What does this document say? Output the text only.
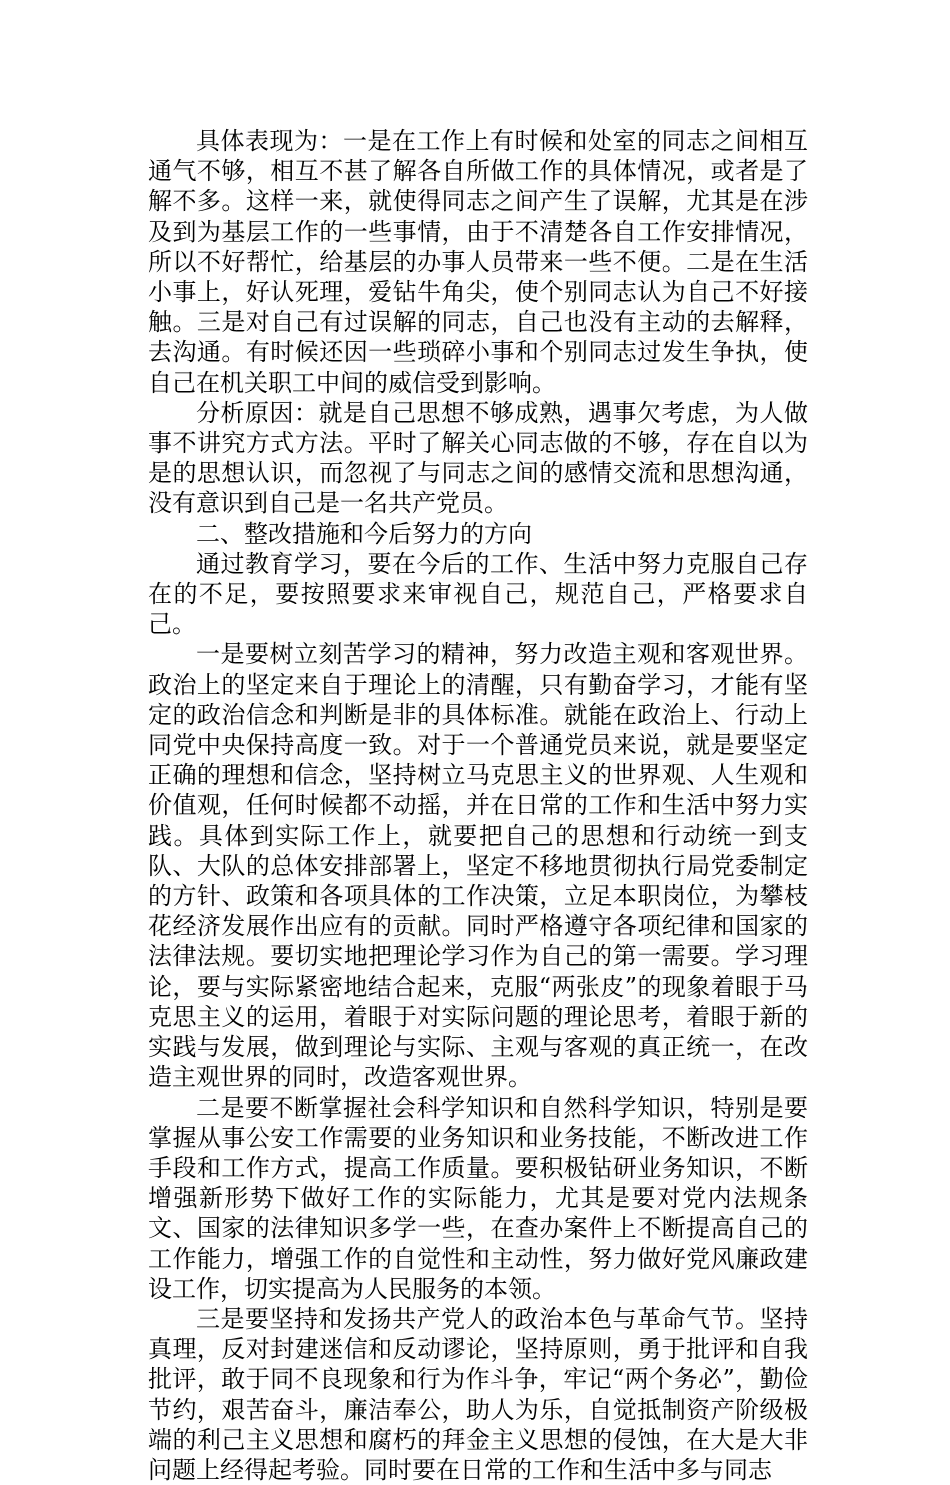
具体表现为：一是在工作上有时候和处室的同志之间相互通气不够，相互不甚了解各自所做工作的具体情况，或者是了解不多。这样一来，就使得同志之间产生了误解，尤其是在涉及到为基层工作的一些事情，由于不清楚各自工作安排情况，所以不好帮忙，给基层的办事人员带来一些不便。二是在生活小事上，好认死理，爱钻牛角尖，使个别同志认为自己不好接触。三是对自己有过误解的同志，自己也没有主动的去解释，去沟通。有时候还因一些琐碎小事和个别同志过发生争执，使自己在机关职工中间的威信受到影响。

分析原因：就是自己思想不够成熟，遇事欠考虑，为人做事不讲究方式方法。平时了解关心同志做的不够，存在自以为是的思想认识，而忽视了与同志之间的感情交流和思想沟通，没有意识到自己是一名共产党员。

二、整改措施和今后努力的方向

通过教育学习，要在今后的工作、生活中努力克服自己存在的不足，要按照要求来审视自己，规范自己，严格要求自己。

一是要树立刻苦学习的精神，努力改造主观和客观世界。政治上的坚定来自于理论上的清醒，只有勤奋学习，才能有坚定的政治信念和判断是非的具体标准。就能在政治上、行动上同党中央保持高度一致。对于一个普通党员来说，就是要坚定正确的理想和信念，坚持树立马克思主义的世界观、人生观和价值观，任何时候都不动摇，并在日常的工作和生活中努力实践。具体到实际工作上，就要把自己的思想和行动统一到支队、大队的总体安排部署上，坚定不移地贯彻执行局党委制定的方针、政策和各项具体的工作决策，立足本职岗位，为攀枝花经济发展作出应有的贡献。同时严格遵守各项纪律和国家的法律法规。要切实地把理论学习作为自己的第一需要。学习理论，要与实际紧密地结合起来，克服“两张皮”的现象着眼于马克思主义的运用，着眼于对实际问题的理论思考，着眼于新的实践与发展，做到理论与实际、主观与客观的真正统一，在改造主观世界的同时，改造客观世界。

二是要不断掌握社会科学知识和自然科学知识，特别是要掌握从事公安工作需要的业务知识和业务技能，不断改进工作手段和工作方式，提高工作质量。要积极钻研业务知识，不断增强新形势下做好工作的实际能力，尤其是要对党内法规条文、国家的法律知识多学一些，在查办案件上不断提高自己的工作能力，增强工作的自觉性和主动性，努力做好党风廉政建设工作，切实提高为人民服务的本领。

三是要坚持和发扬共产党人的政治本色与革命气节。坚持真理，反对封建迷信和反动谬论，坚持原则，勇于批评和自我批评，敢于同不良现象和行为作斗争，牢记“两个务必”，勤俭节约，艰苦奋斗，廉洁奉公，助人为乐，自觉抵制资产阶级极端的利己主义思想和腐朽的拜金主义思想的侵蚀，在大是大非问题上经得起考验。同时要在日常的工作和生活中多与同志
